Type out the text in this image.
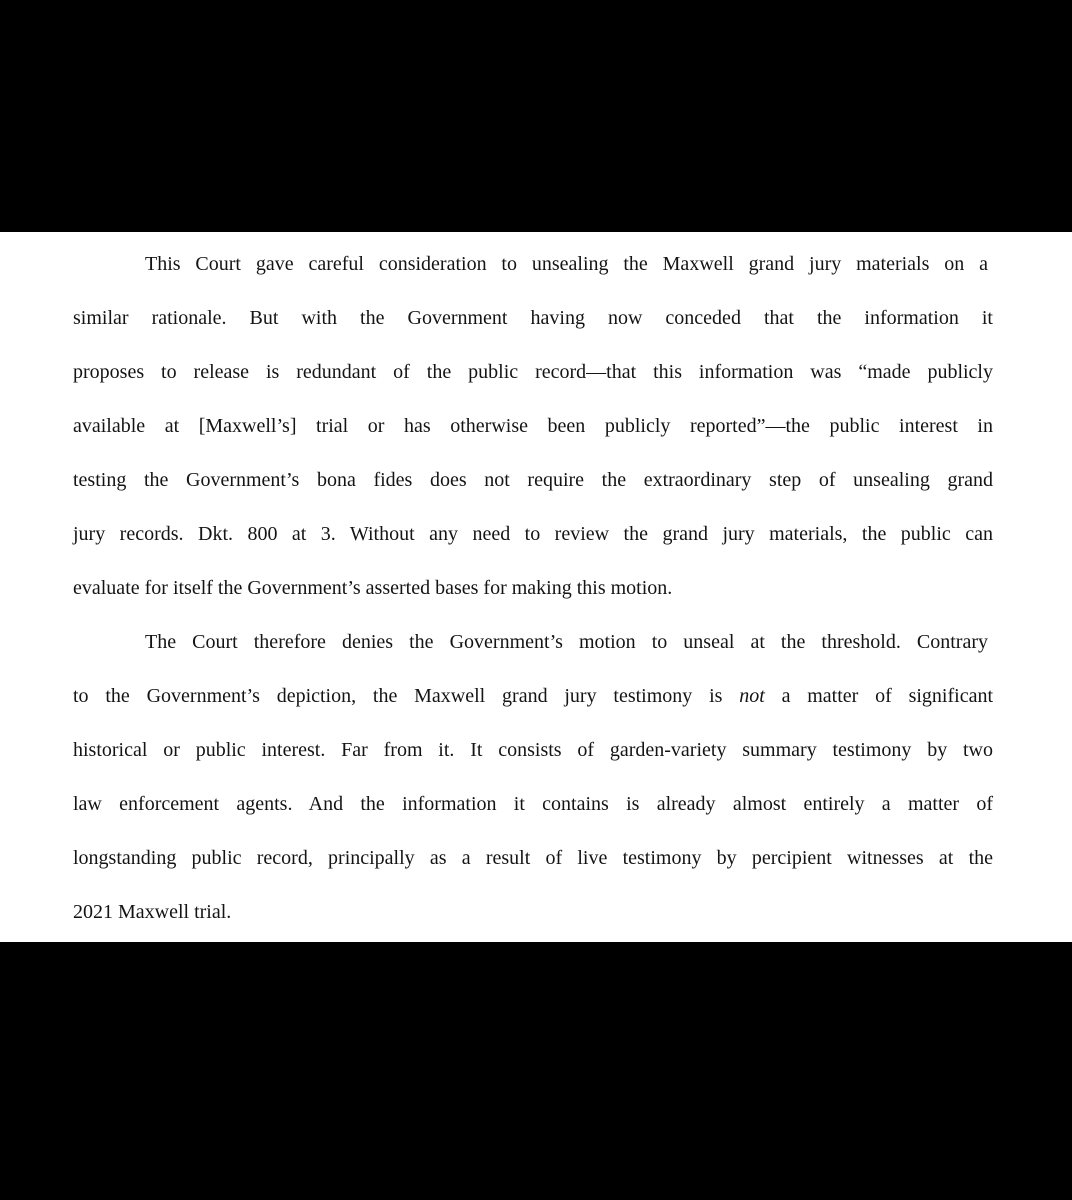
This Court gave careful consideration to unsealing the Maxwell grand jury materials on a
similar rationale. But with the Government having now conceded that the information it
proposes to release is redundant of the public record—that this information was “made publicly
available at [Maxwell’s] trial or has otherwise been publicly reported”—the public interest in
testing the Government’s bona fides does not require the extraordinary step of unsealing grand
jury records. Dkt. 800 at 3. Without any need to review the grand jury materials, the public can
evaluate for itself the Government’s asserted bases for making this motion.
The Court therefore denies the Government’s motion to unseal at the threshold. Contrary
to the Government’s depiction, the Maxwell grand jury testimony is not a matter of significant
historical or public interest. Far from it. It consists of garden-variety summary testimony by two
law enforcement agents. And the information it contains is already almost entirely a matter of
longstanding public record, principally as a result of live testimony by percipient witnesses at the
2021 Maxwell trial.
